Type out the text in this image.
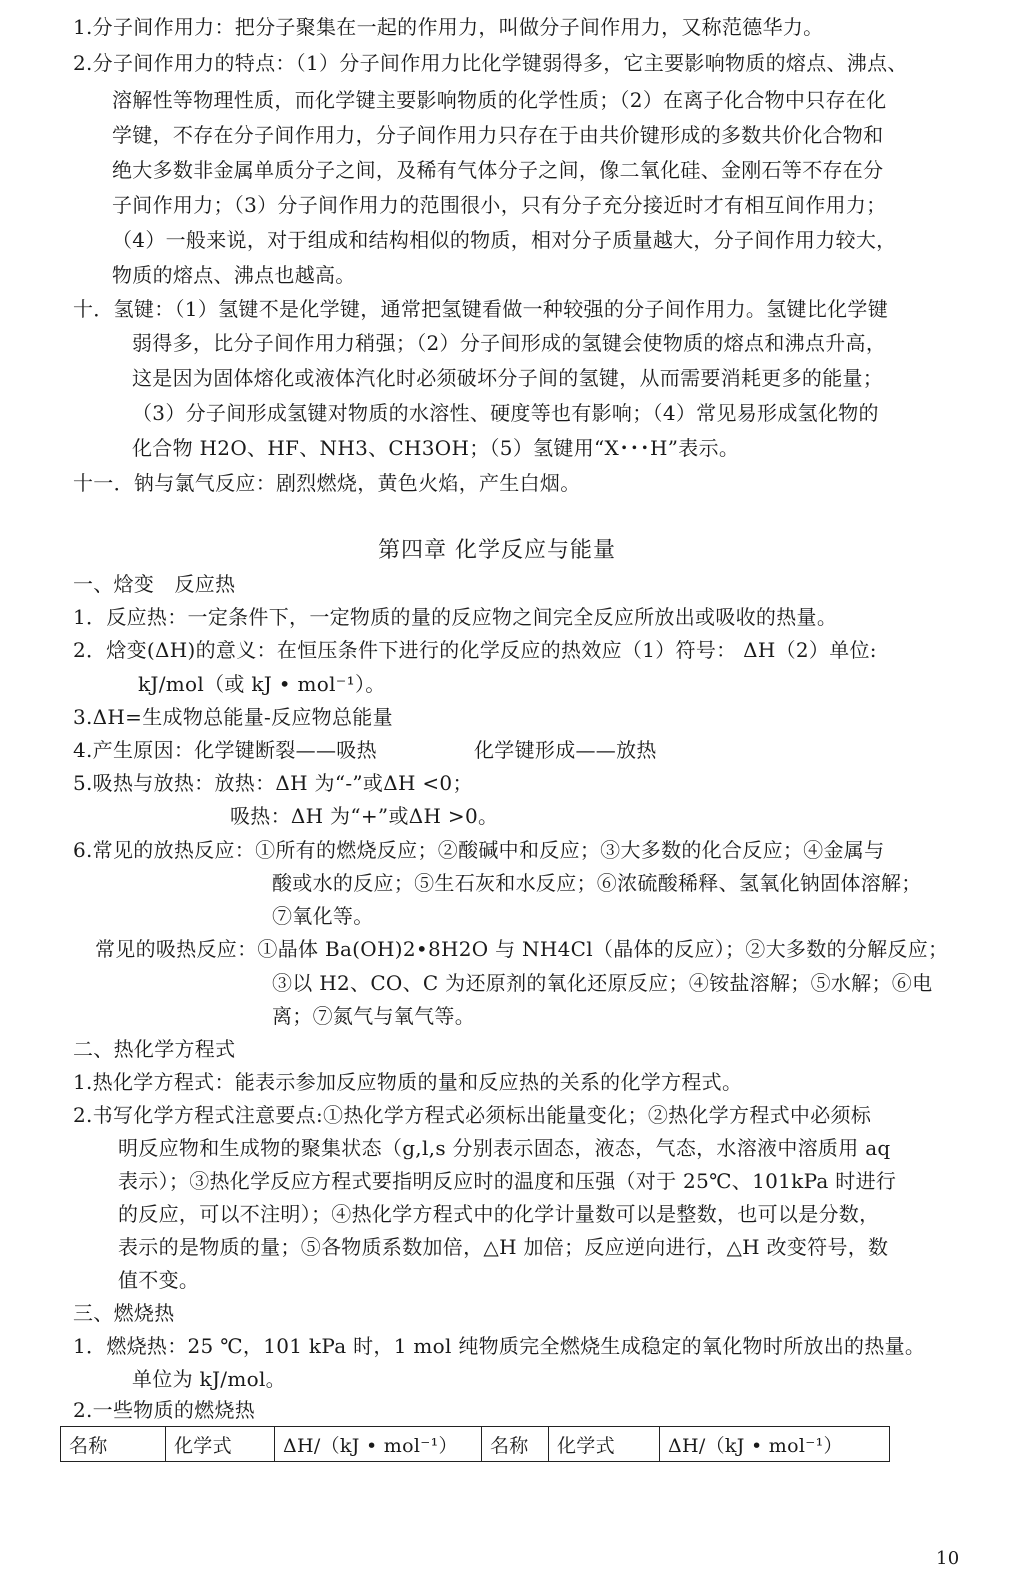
1.分子间作用力：把分子聚集在一起的作用力，叫做分子间作用力，又称范德华力。
2.分子间作用力的特点：（1）分子间作用力比化学键弱得多，它主要影响物质的熔点、沸点、
溶解性等物理性质，而化学键主要影响物质的化学性质；（2）在离子化合物中只存在化
学键，不存在分子间作用力，分子间作用力只存在于由共价键形成的多数共价化合物和
绝大多数非金属单质分子之间，及稀有气体分子之间，像二氧化硅、金刚石等不存在分
子间作用力；（3）分子间作用力的范围很小，只有分子充分接近时才有相互间作用力；
（4）一般来说，对于组成和结构相似的物质，相对分子质量越大，分子间作用力较大，
物质的熔点、沸点也越高。
十．氢键：（1）氢键不是化学键，通常把氢键看做一种较强的分子间作用力。氢键比化学键
弱得多，比分子间作用力稍强；（2）分子间形成的氢键会使物质的熔点和沸点升高，
这是因为固体熔化或液体汽化时必须破坏分子间的氢键，从而需要消耗更多的能量；
（3）分子间形成氢键对物质的水溶性、硬度等也有影响；（4）常见易形成氢化物的
化合物 H2O、HF、NH3、CH3OH；（5）氢键用“X･･･H”表示。
十一．钠与氯气反应：剧烈燃烧，黄色火焰，产生白烟。
第四章 化学反应与能量
一、焓变　反应热
1．反应热：一定条件下，一定物质的量的反应物之间完全反应所放出或吸收的热量。
2．焓变(ΔH)的意义：在恒压条件下进行的化学反应的热效应（1）符号： ΔH（2）单位:
kJ/mol（或 kJ • mol⁻¹）。
3.ΔH=生成物总能量-反应物总能量
4.产生原因：化学键断裂——吸热	化学键形成——放热
5.吸热与放热：放热：ΔH 为“-”或ΔH <0；
吸热：ΔH 为“+”或ΔH >0。
6.常见的放热反应：①所有的燃烧反应；②酸碱中和反应；③大多数的化合反应；④金属与
酸或水的反应；⑤生石灰和水反应；⑥浓硫酸稀释、氢氧化钠固体溶解；
⑦氧化等。
常见的吸热反应：①晶体 Ba(OH)2•8H2O 与 NH4Cl（晶体的反应）；②大多数的分解反应；
③以 H2、CO、C 为还原剂的氧化还原反应；④铵盐溶解；⑤水解；⑥电
离；⑦氮气与氧气等。
二、热化学方程式
1.热化学方程式：能表示参加反应物质的量和反应热的关系的化学方程式。
2.书写化学方程式注意要点:①热化学方程式必须标出能量变化；②热化学方程式中必须标
明反应物和生成物的聚集状态（g,l,s 分别表示固态，液态，气态，水溶液中溶质用 aq
表示）；③热化学反应方程式要指明反应时的温度和压强（对于 25℃、101kPa 时进行
的反应，可以不注明）；④热化学方程式中的化学计量数可以是整数，也可以是分数，
表示的是物质的量；⑤各物质系数加倍，△H 加倍；反应逆向进行，△H 改变符号，数
值不变。
三、燃烧热
1．燃烧热：25 ℃，101 kPa 时，1 mol 纯物质完全燃烧生成稳定的氧化物时所放出的热量。
单位为 kJ/mol。
2.一些物质的燃烧热
名称	化学式	ΔH/（kJ • mol⁻¹）	名称	化学式	ΔH/（kJ • mol⁻¹）
10
